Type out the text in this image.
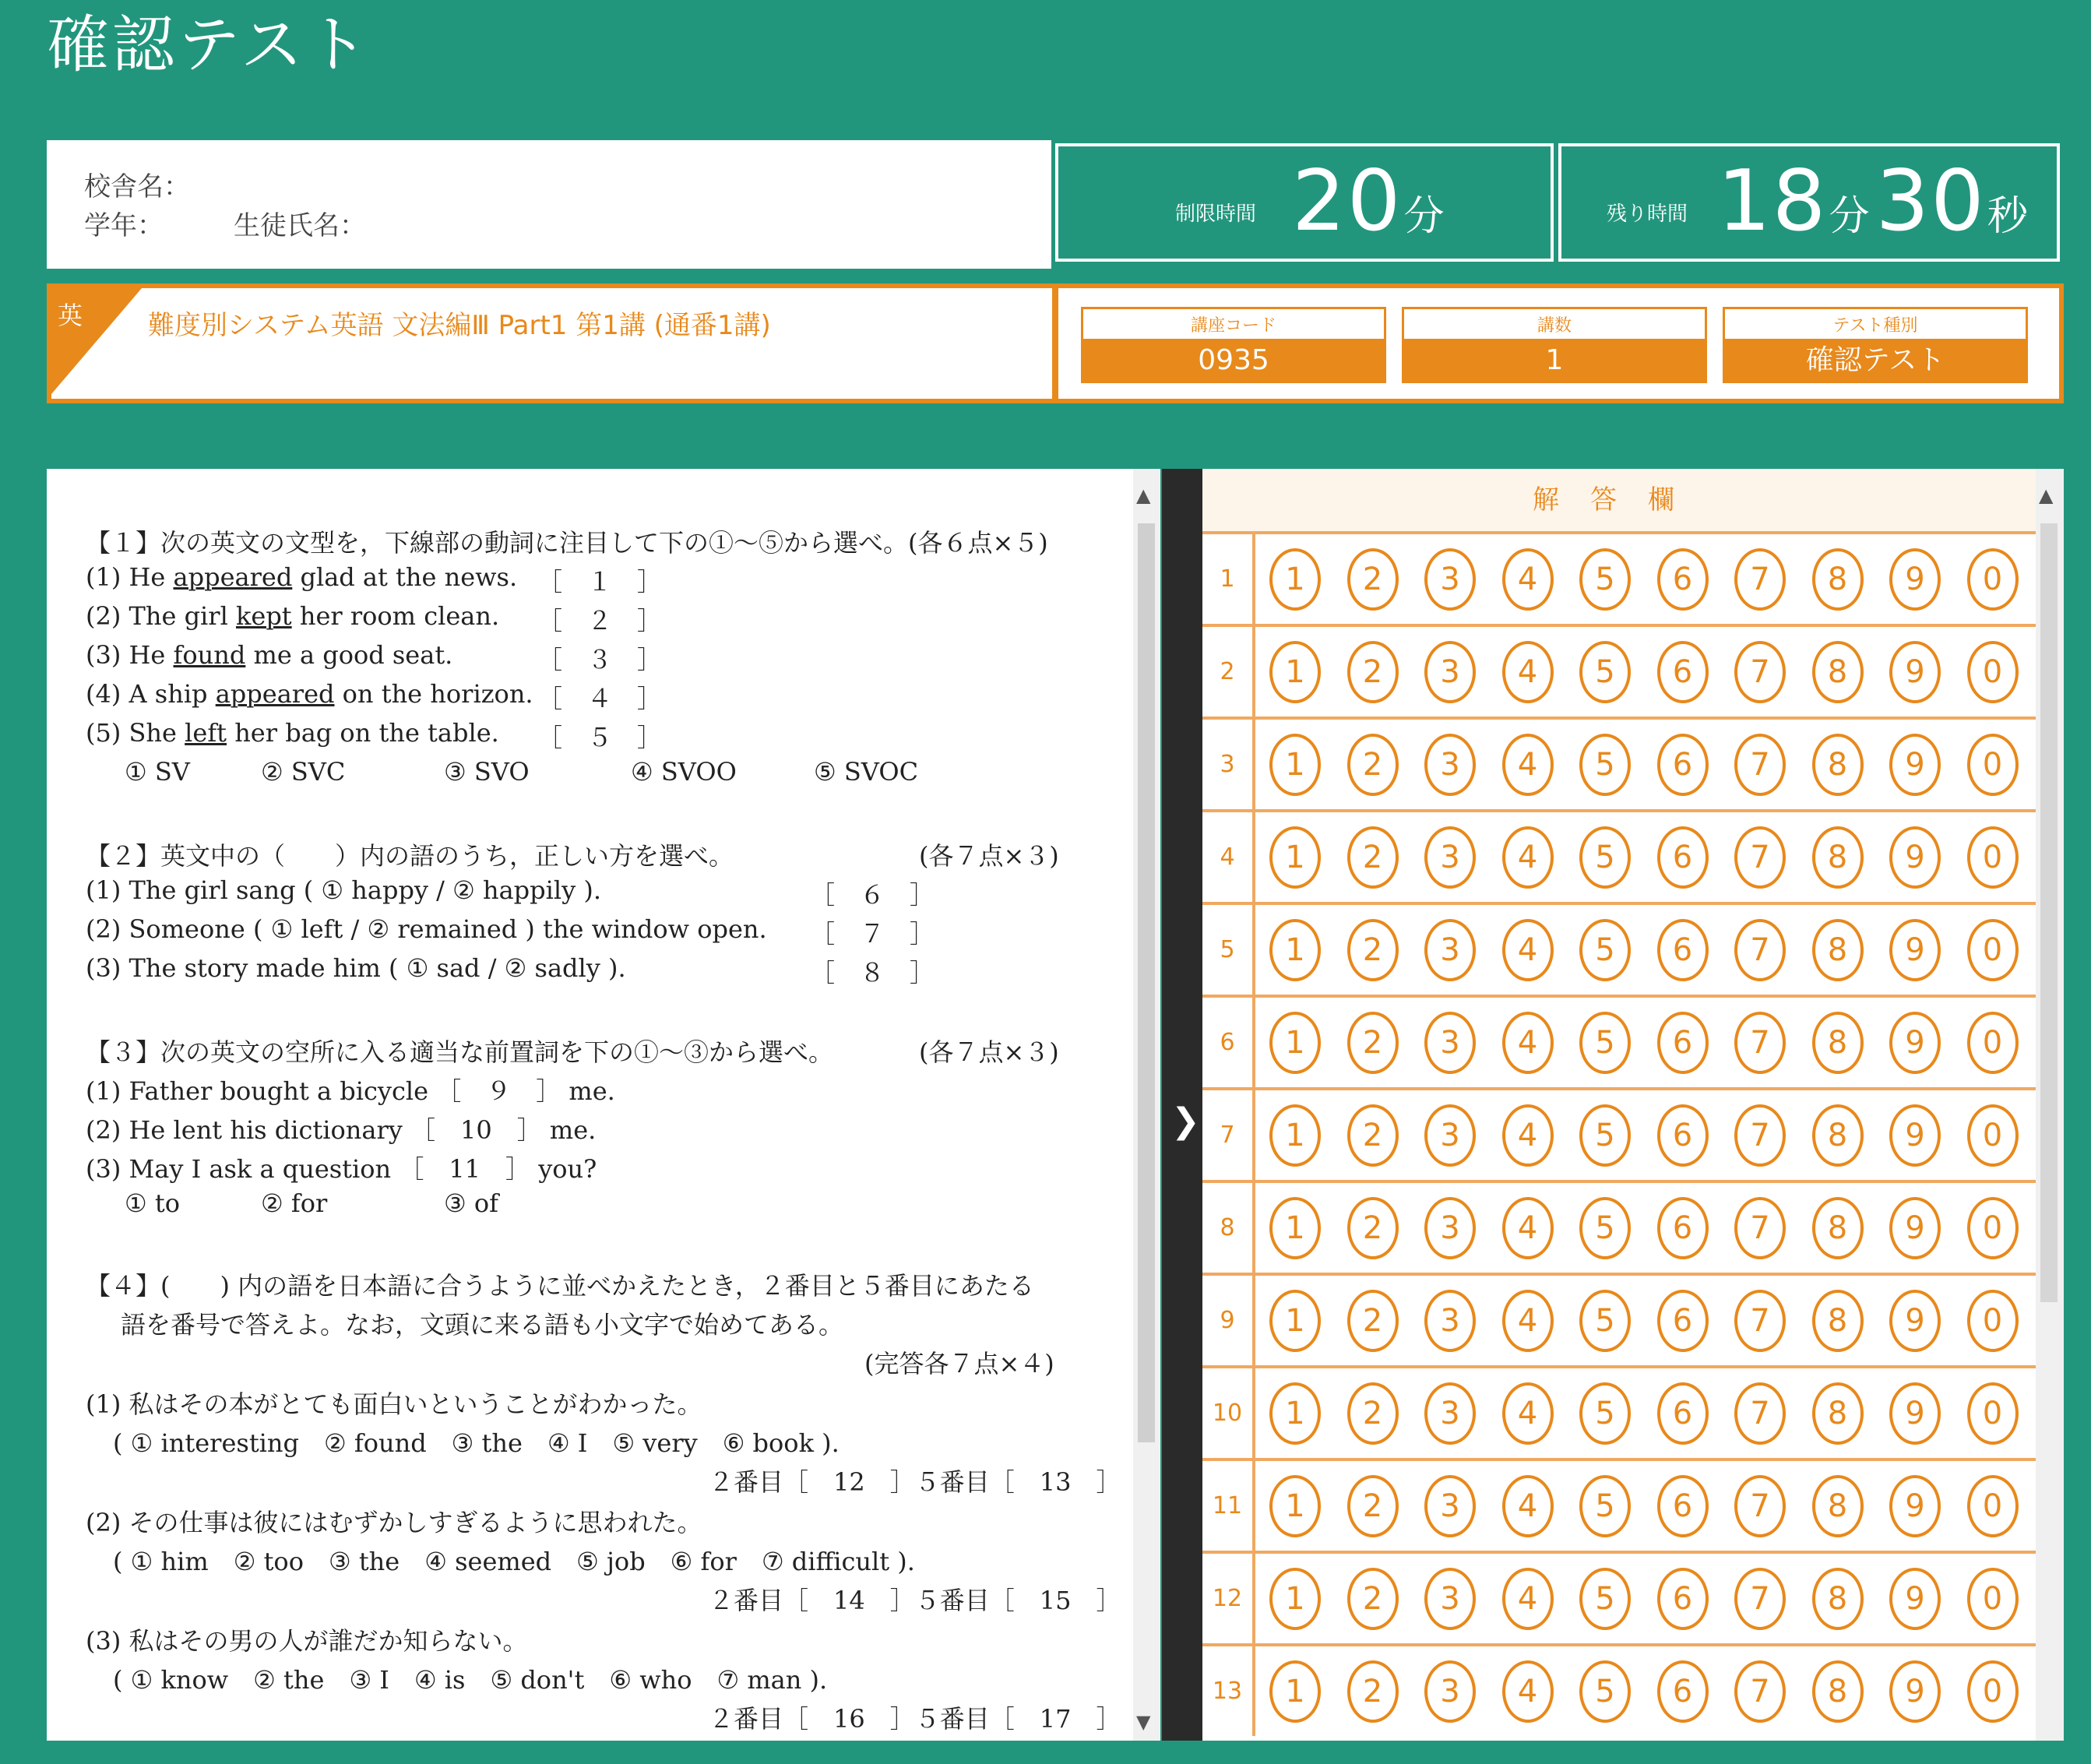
確認テスト
校舎名：
学年：	生徒氏名：	制限時間 20分	残り時間 18分30秒
英 難度別システム英語 文法編Ⅲ Part1 第1講 (通番1講)	講座コード
0935
講数
1
テスト種別
確認テスト
【１】次の英文の文型を，下線部の動詞に注目して下の①～⑤から選べ。(各６点×５)
(1) He appeared glad at the news. ［　１　］
(2) The girl kept her room clean. ［　２　］
(3) He found me a good seat.	［　３　］
(4) A ship appeared on the horizon. ［　４　］
(5) She left her bag on the table. ［　５　］
① SV	② SVC	③ SVO	④ SVOO	⑤ SVOC
【２】英文中の（　　）内の語のうち，正しい方を選べ。	(各７点×３)
(1) The girl sang ( ① happy / ② happily ).	［　６　］
(2) Someone ( ① left / ② remained ) the window open. ［　７　］
(3) The story made him ( ① sad / ② sadly ).	［　８　］
【３】次の英文の空所に入る適当な前置詞を下の①～③から選べ。	(各７点×３)
(1) Father bought a bicycle ［　９　］ me.
(2) He lent his dictionary ［　10　］ me.
(3) May I ask a question ［　11　］ you?
① to	② for	③ of
【４】(　　) 内の語を日本語に合うように並べかえたとき，２番目と５番目にあたる
語を番号で答えよ。なお，文頭に来る語も小文字で始めてある。
(完答各７点×４)
(1) 私はその本がとても面白いということがわかった。
( ① interesting　② found　③ the　④ I　⑤ very　⑥ book ).
２番目［　12　］５番目［　13　］
(2) その仕事は彼にはむずかしすぎるように思われた。
( ① him　② too　③ the　④ seemed　⑤ job　⑥ for　⑦ difficult ).
２番目［　14　］５番目［　15　］
(3) 私はその男の人が誰だか知らない。
( ① know　② the　③ I　④ is　⑤ don't　⑥ who　⑦ man ).
２番目［　16　］５番目［　17　］
▲
▼
❯
解答欄
1	1	2	3	4	5	6	7	8	9	0
2	1	2	3	4	5	6	7	8	9	0
3	1	2	3	4	5	6	7	8	9	0
4	1	2	3	4	5	6	7	8	9	0
5	1	2	3	4	5	6	7	8	9	0
6	1	2	3	4	5	6	7	8	9	0
7	1	2	3	4	5	6	7	8	9	0
8	1	2	3	4	5	6	7	8	9	0
9	1	2	3	4	5	6	7	8	9	0
10	1	2	3	4	5	6	7	8	9	0
11	1	2	3	4	5	6	7	8	9	0
12	1	2	3	4	5	6	7	8	9	0
13	1	2	3	4	5	6	7	8	9	0
▲
